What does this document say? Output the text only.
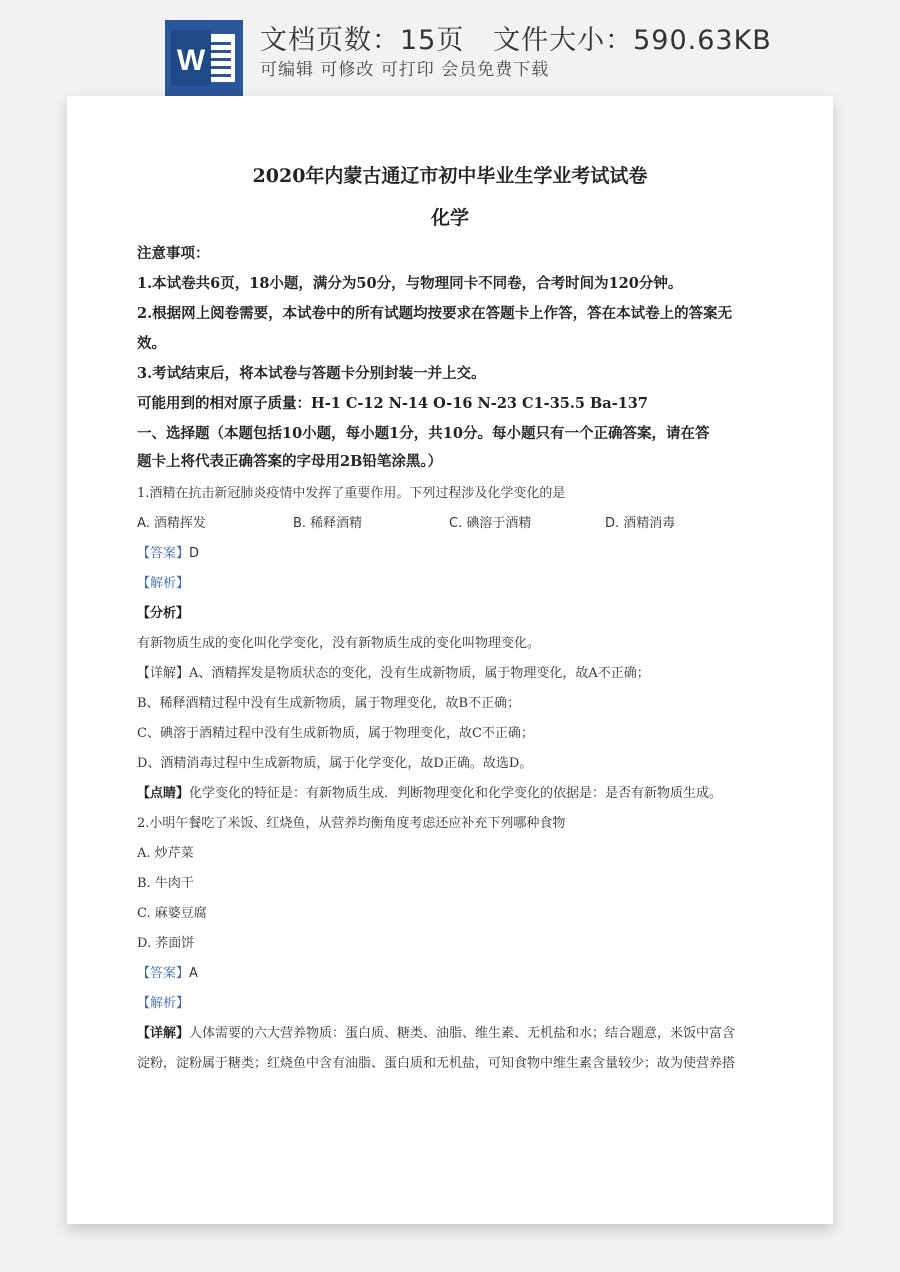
W
文档页数：15页   文件大小：590.63KB
可编辑 可修改 可打印 会员免费下载
2020年内蒙古通辽市初中毕业生学业考试试卷
化学
注意事项：
1.本试卷共6页，18小题，满分为50分，与物理同卡不同卷，合考时间为120分钟。
2.根据网上阅卷需要，本试卷中的所有试题均按要求在答题卡上作答，答在本试卷上的答案无
效。
3.考试结束后，将本试卷与答题卡分别封装一并上交。
可能用到的相对原子质量：H-1 C-12 N-14 O-16 N-23 C1-35.5 Ba-137
一、选择题（本题包括10小题，每小题1分，共10分。每小题只有一个正确答案，请在答
题卡上将代表正确答案的字母用2B铅笔涂黑。）
1.酒精在抗击新冠肺炎疫情中发挥了重要作用。下列过程涉及化学变化的是
A. 酒精挥发	B. 稀释酒精	C. 碘溶于酒精	D. 酒精消毒
【答案】D
【解析】
【分析】
有新物质生成的变化叫化学变化，没有新物质生成的变化叫物理变化。
【详解】A、酒精挥发是物质状态的变化，没有生成新物质，属于物理变化，故A不正确；
B、稀释酒精过程中没有生成新物质，属于物理变化，故B不正确；
C、碘溶于酒精过程中没有生成新物质，属于物理变化，故C不正确；
D、酒精消毒过程中生成新物质，属于化学变化，故D正确。故选D。
【点睛】化学变化的特征是：有新物质生成．判断物理变化和化学变化的依据是：是否有新物质生成。
2.小明午餐吃了米饭、红烧鱼，从营养均衡角度考虑还应补充下列哪种食物
A. 炒芹菜
B. 牛肉干
C. 麻婆豆腐
D. 荞面饼
【答案】A
【解析】
【详解】人体需要的六大营养物质：蛋白质、糖类、油脂、维生素、无机盐和水；结合题意，米饭中富含
淀粉，淀粉属于糖类；红烧鱼中含有油脂、蛋白质和无机盐，可知食物中维生素含量较少；故为使营养搭
